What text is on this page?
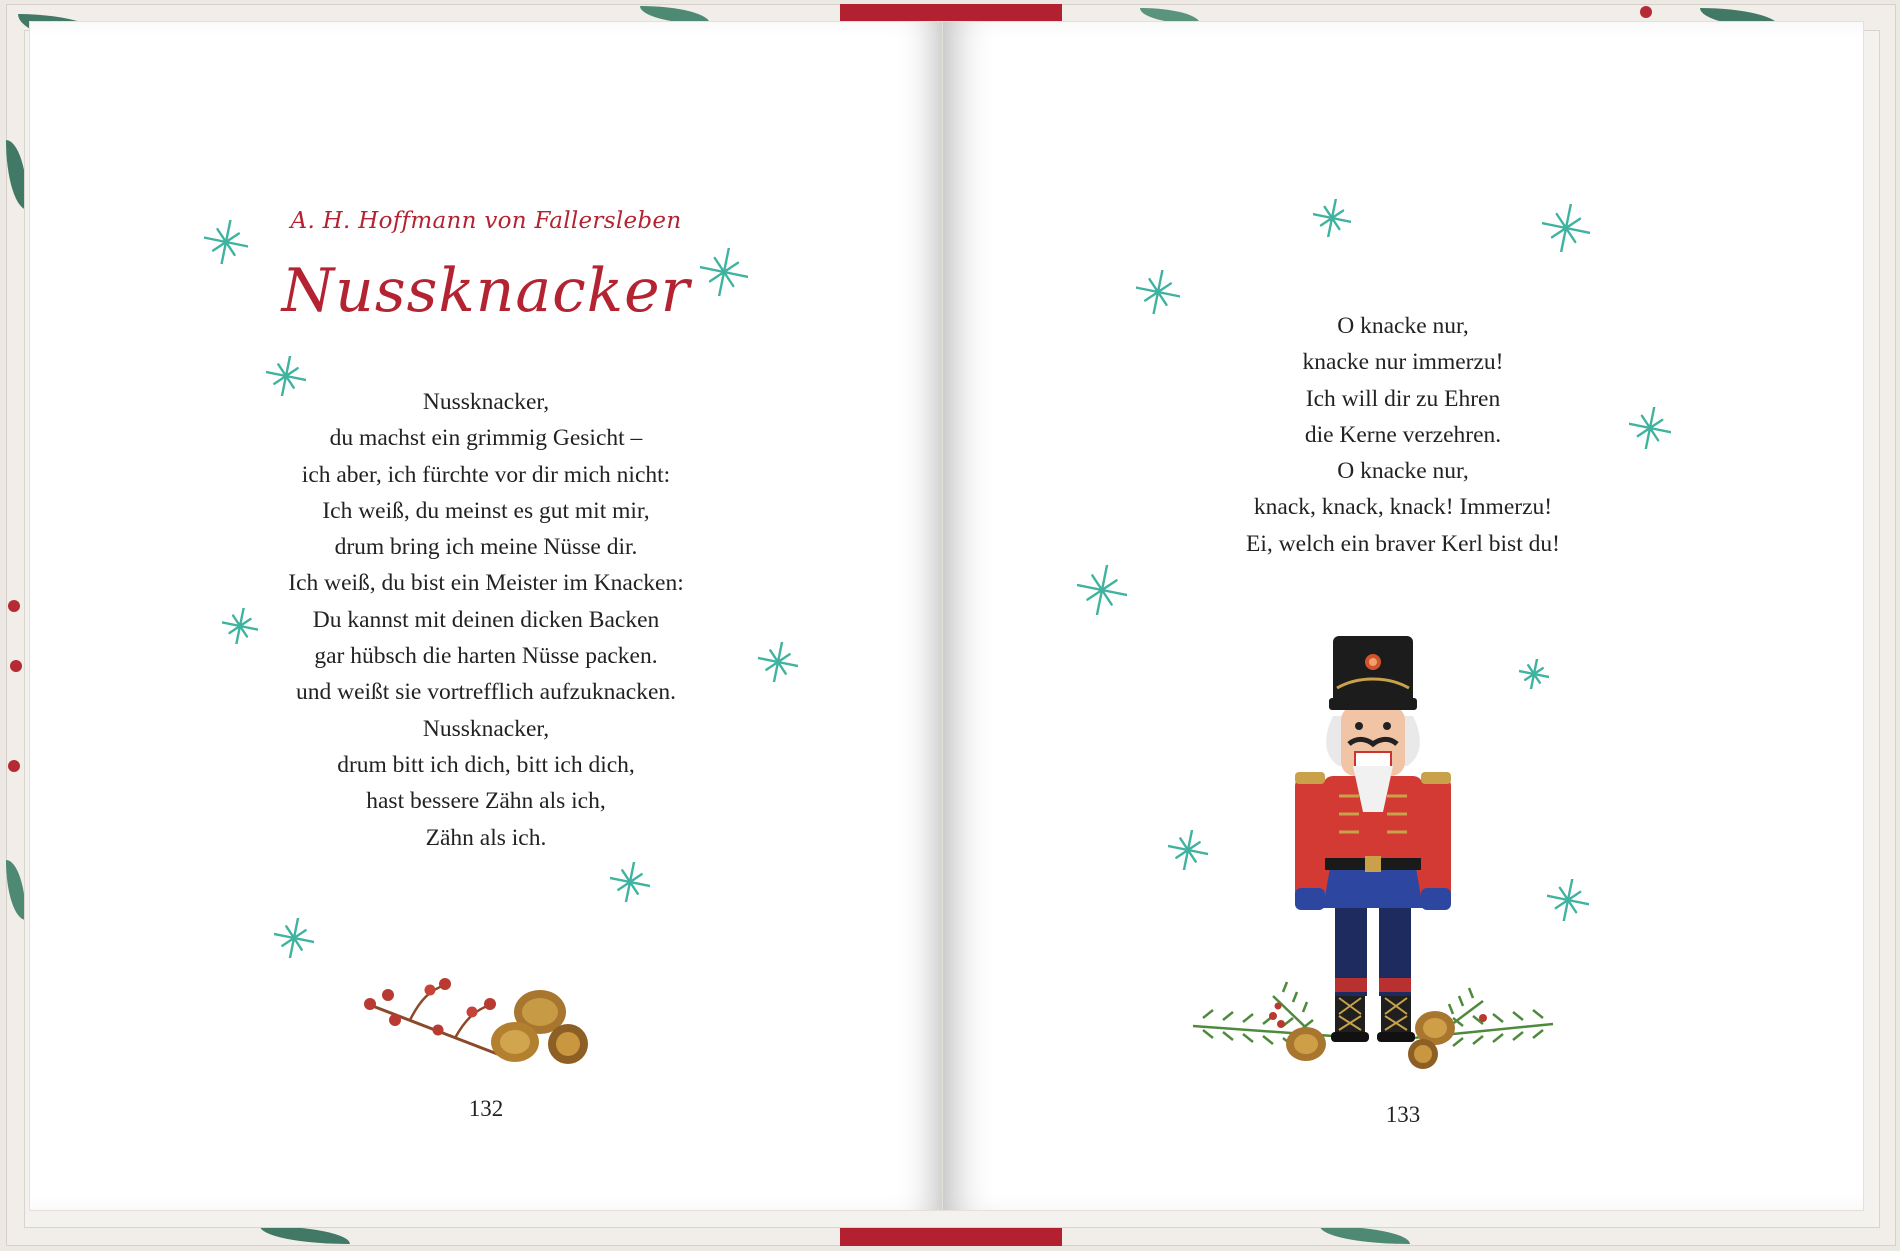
A. H. Hoffmann von Fallersleben
Nussknacker
Nussknacker,
du machst ein grimmig Gesicht –
ich aber, ich fürchte vor dir mich nicht:
Ich weiß, du meinst es gut mit mir,
drum bring ich meine Nüsse dir.
Ich weiß, du bist ein Meister im Knacken:
Du kannst mit deinen dicken Backen
gar hübsch die harten Nüsse packen.
und weißt sie vortrefflich aufzuknacken.
Nussknacker,
drum bitt ich dich, bitt ich dich,
hast bessere Zähn als ich,
Zähn als ich.
132
O knacke nur,
knacke nur immerzu!
Ich will dir zu Ehren
die Kerne verzehren.
O knacke nur,
knack, knack, knack! Immerzu!
Ei, welch ein braver Kerl bist du!
133
